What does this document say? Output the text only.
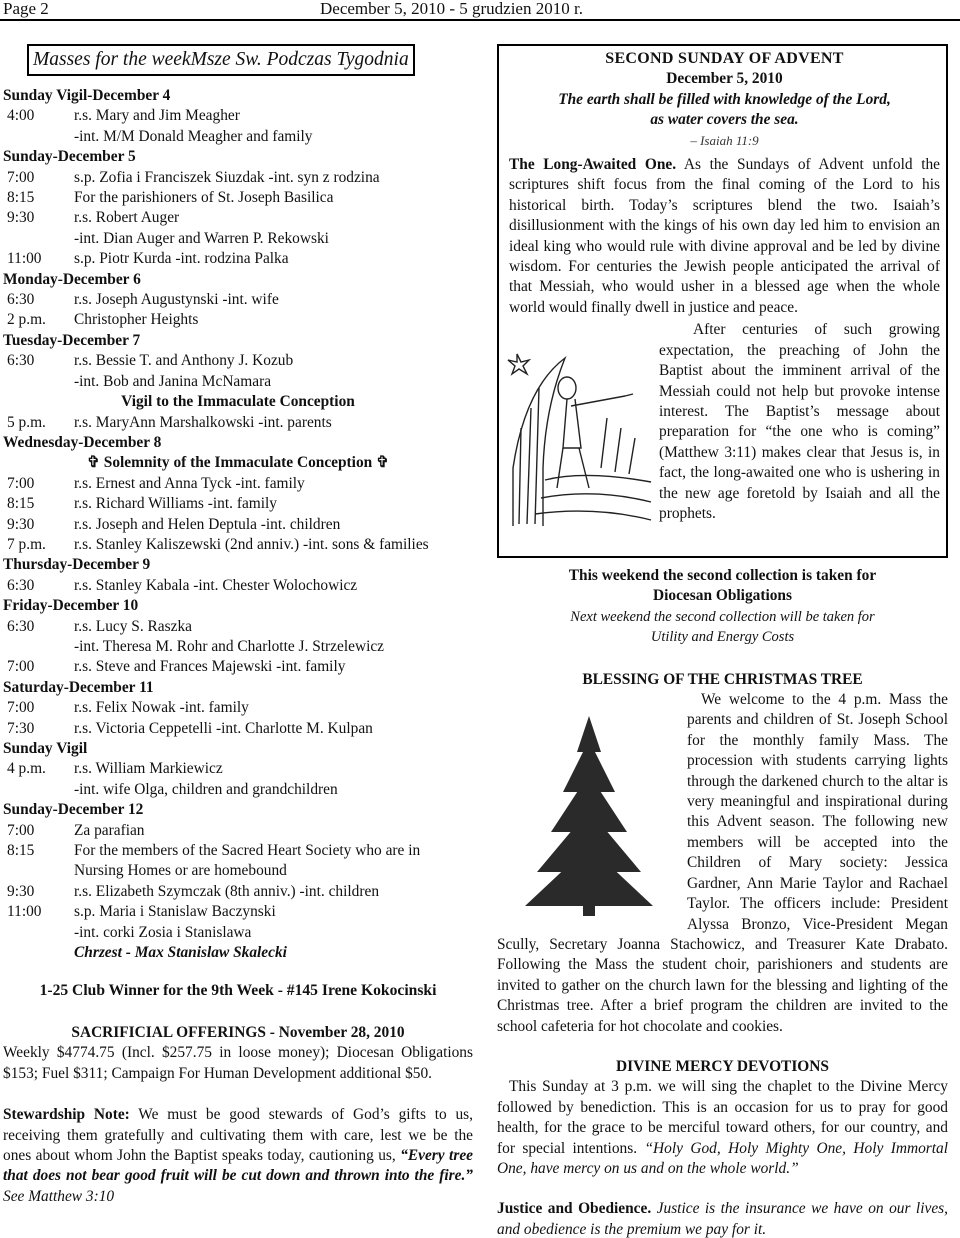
Page 2	December 5, 2010 - 5 grudzien 2010 r.
Masses for the weekMsze Sw. Podczas Tygodnia
Sunday Vigil-December 4
4:00	r.s. Mary and Jim Meagher
-int. M/M Donald Meagher and family
Sunday-December 5
7:00	s.p. Zofia i Franciszek Siuzdak -int. syn z rodzina
8:15	For the parishioners of St. Joseph Basilica
9:30	r.s. Robert Auger
-int. Dian Auger and Warren P. Rekowski
11:00	s.p. Piotr Kurda -int. rodzina Palka
Monday-December 6
6:30	r.s. Joseph Augustynski -int. wife
2 p.m.	Christopher Heights
Tuesday-December 7
6:30	r.s. Bessie T. and Anthony J. Kozub
-int. Bob and Janina McNamara
Vigil to the Immaculate Conception
5 p.m.	r.s. MaryAnn Marshalkowski -int. parents
Wednesday-December 8
✞ Solemnity of the Immaculate Conception ✞
7:00	r.s. Ernest and Anna Tyck -int. family
8:15	r.s. Richard Williams -int. family
9:30	r.s. Joseph and Helen Deptula -int. children
7 p.m.	r.s. Stanley Kaliszewski (2nd anniv.) -int. sons & families
Thursday-December 9
6:30	r.s. Stanley Kabala -int. Chester Wolochowicz
Friday-December 10
6:30	r.s. Lucy S. Raszka
-int. Theresa M. Rohr and Charlotte J. Strzelewicz
7:00	r.s. Steve and Frances Majewski -int. family
Saturday-December 11
7:00	r.s. Felix Nowak -int. family
7:30	r.s. Victoria Ceppetelli -int. Charlotte M. Kulpan
Sunday Vigil
4 p.m.	r.s. William Markiewicz
-int. wife Olga, children and grandchildren
Sunday-December 12
7:00	Za parafian
8:15	For the members of the Sacred Heart Society who are in
Nursing Homes or are homebound
9:30	r.s. Elizabeth Szymczak (8th anniv.) -int. children
11:00	s.p. Maria i Stanislaw Baczynski
-int. corki Zosia i Stanislawa
Chrzest - Max Stanislaw Skalecki
1-25 Club Winner for the 9th Week - #145 Irene Kokocinski
SACRIFICIAL OFFERINGS - November 28, 2010

Weekly $4774.75 (Incl. $257.75 in loose money); Diocesan Obligations $153; Fuel $311; Campaign For Human Development additional $50.

Stewardship Note: We must be good stewards of God’s gifts to us, receiving them gratefully and cultivating them with care, lest we be the ones about whom John the Baptist speaks today, cautioning us, “Every tree that does not bear good fruit will be cut down and thrown into the fire.” See Matthew 3:10

SECOND SUNDAY OF ADVENT
December 5, 2010
The earth shall be filled with knowledge of the Lord,
as water covers the sea.
– Isaiah 11:9

The Long-Awaited One. As the Sundays of Advent unfold the scriptures shift focus from the final coming of the Lord to his historical birth. Today’s scriptures blend the two. Isaiah’s disillusionment with the kings of his own day led him to envision an ideal king who would rule with divine approval and be led by divine wisdom. For centuries the Jewish people anticipated the arrival of that Messiah, who would usher in a blessed age when the whole world would finally dwell in justice and peace.

After centuries of such growing expectation, the preaching of John the Baptist about the imminent arrival of the Messiah could not help but provoke intense interest. The Baptist’s message about preparation for “the one who is coming” (Matthew 3:11) makes clear that Jesus is, in fact, the long-awaited one who is ushering in the new age foretold by Isaiah and all the prophets.

This weekend the second collection is taken for
Diocesan Obligations
Next weekend the second collection will be taken for
Utility and Energy Costs
BLESSING OF THE CHRISTMAS TREE

We welcome to the 4 p.m. Mass the parents and children of St. Joseph School for the monthly family Mass. The procession with students carrying lights through the darkened church to the altar is very meaningful and inspirational during this Advent season. The following new members will be accepted into the Children of Mary society: Jessica Gardner, Ann Marie Taylor and Rachael Taylor. The officers include: President Alyssa Bronzo, Vice-President Megan Scully, Secretary Joanna Stachowicz, and Treasurer Kate Drabato. Following the Mass the student choir, parishioners and students are invited to gather on the church lawn for the blessing and lighting of the Christmas tree. After a brief program the children are invited to the school cafeteria for hot chocolate and cookies.

DIVINE MERCY DEVOTIONS

This Sunday at 3 p.m. we will sing the chaplet to the Divine Mercy followed by benediction. This is an occasion for us to pray for good health, for the grace to be merciful toward others, for our country, and for special intentions. “Holy God, Holy Mighty One, Holy Immortal One, have mercy on us and on the whole world.”

Justice and Obedience. Justice is the insurance we have on our lives, and obedience is the premium we pay for it.
